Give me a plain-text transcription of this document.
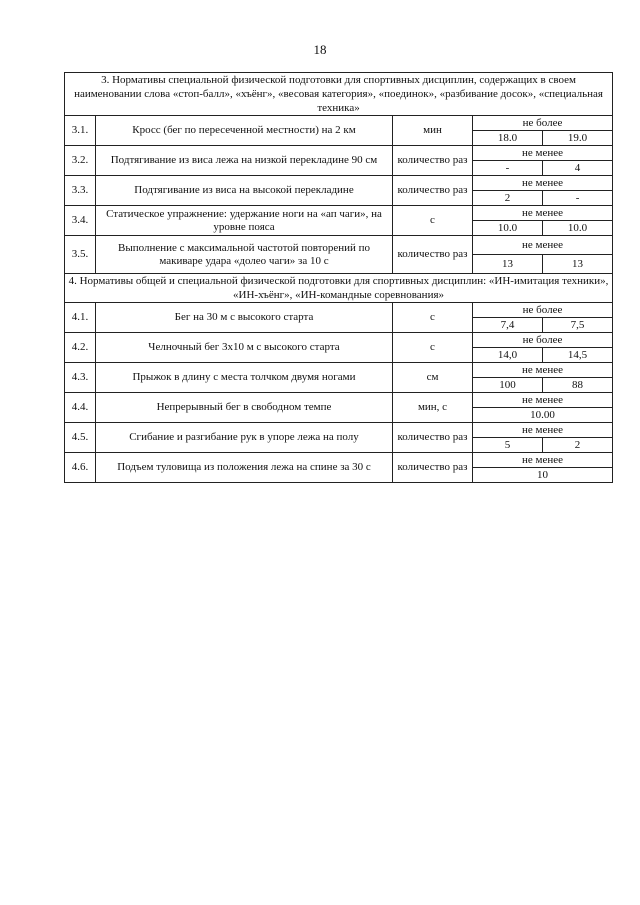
18
3. Нормативы специальной физической подготовки для спортивных дисциплин, содержащих в своем наименовании слова «стоп-балл», «хъёнг», «весовая категория», «поединок», «разбивание досок», «специальная техника»				
3.1.	Кросс (бег по пересеченной местности) на 2 км	мин	не более	
			18.0	19.0
3.2.	Подтягивание из виса лежа на низкой перекладине 90 см	количество раз	не менее	
			-	4
3.3.	Подтягивание из виса на высокой перекладине	количество раз	не менее	
			2	-
3.4.	Статическое упражнение: удержание ноги на «ап чаги», на уровне пояса	с	не менее	
			10.0	10.0
3.5.	Выполнение с максимальной частотой повторений по макиваре удара «долео чаги» за 10 с	количество раз	не менее	
			13	13
4. Нормативы общей и специальной физической подготовки для спортивных дисциплин: «ИН-имитация техники», «ИН-хъёнг», «ИН-командные соревнования»				
4.1.	Бег на 30 м с высокого старта	с	не более	
			7,4	7,5
4.2.	Челночный бег 3х10 м с высокого старта	с	не более	
			14,0	14,5
4.3.	Прыжок в длину с места толчком двумя ногами	см	не менее	
			100	88
4.4.	Непрерывный бег в свободном темпе	мин, с	не менее	
			10.00	
4.5.	Сгибание и разгибание рук в упоре лежа на полу	количество раз	не менее	
			5	2
4.6.	Подъем туловища из положения лежа на спине за 30 с	количество раз	не менее	
			10	
